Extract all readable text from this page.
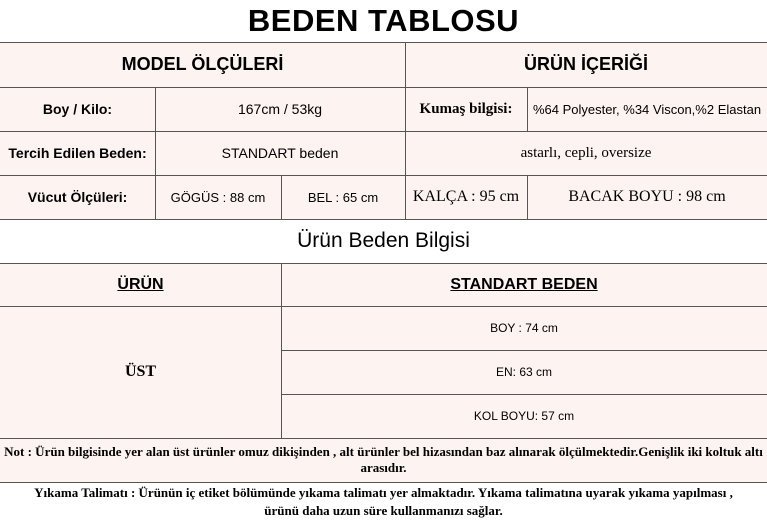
BEDEN TABLOSU
MODEL ÖLÇÜLERİ	ÜRÜN İÇERİĞİ
Boy / Kilo:	167cm / 53kg	Kumaş bilgisi:	%64 Polyester, %34 Viscon,%2 Elastan
Tercih Edilen Beden:	STANDART beden	astarlı, cepli, oversize
Vücut Ölçüleri:	GÖGÜS : 88 cm	BEL : 65 cm	KALÇA : 95 cm	BACAK BOYU : 98 cm
Ürün Beden Bilgisi
ÜRÜN	STANDART BEDEN
ÜST
BOY : 74 cm
EN: 63 cm
KOL BOYU: 57 cm
Not : Ürün bilgisinde yer alan üst ürünler omuz dikişinden , alt ürünler bel hizasından baz alınarak ölçülmektedir.Genişlik iki koltuk altı arasıdır.
Yıkama Talimatı : Ürünün iç etiket bölümünde yıkama talimatı yer almaktadır. Yıkama talimatına uyarak yıkama yapılması , ürünü daha uzun süre kullanmanızı sağlar.
